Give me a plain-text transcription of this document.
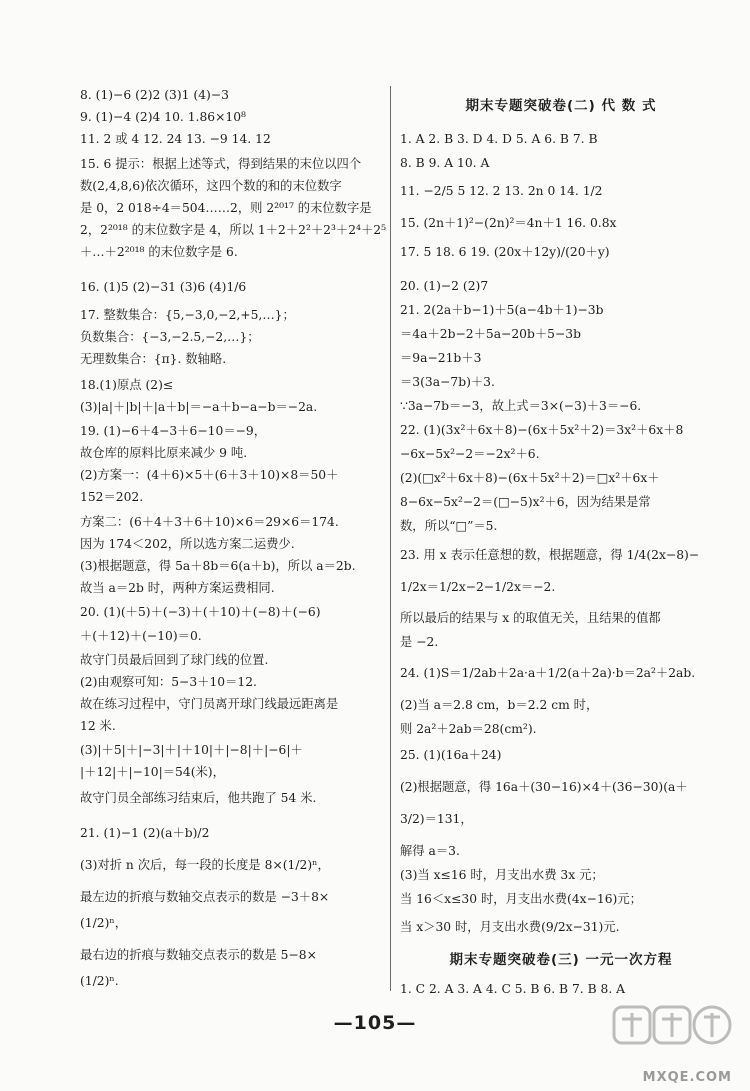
8. (1)−6 (2)2 (3)1 (4)−3
9. (1)−4 (2)4 10. 1.86×10⁸
11. 2 或 4 12. 24 13. −9 14. 12
15. 6 提示：根据上述等式，得到结果的末位以四个
数(2,4,8,6)依次循环，这四个数的和的末位数字
是 0，2 018÷4＝504……2，则 2²⁰¹⁷ 的末位数字是
2，2²⁰¹⁸ 的末位数字是 4，所以 1＋2＋2²＋2³＋2⁴＋2⁵
＋…＋2²⁰¹⁸ 的末位数字是 6.
16. (1)5 (2)−31 (3)6 (4)1/6
17. 整数集合：{5,−3,0,−2,+5,…}；
负数集合：{−3,−2.5,−2,…}；
无理数集合：{π}. 数轴略.
18.(1)原点 (2)≤
(3)|a|＋|b|＋|a＋b|＝−a＋b−a−b＝−2a.
19. (1)−6＋4−3＋6−10＝−9，
故仓库的原料比原来减少 9 吨.
(2)方案一：(4＋6)×5＋(6＋3＋10)×8＝50＋
152＝202.
方案二：(6＋4＋3＋6＋10)×6＝29×6＝174.
因为 174＜202，所以选方案二运费少.
(3)根据题意，得 5a＋8b＝6(a＋b)，所以 a＝2b.
故当 a＝2b 时，两种方案运费相同.
20. (1)(＋5)＋(−3)＋(＋10)＋(−8)＋(−6)
＋(＋12)＋(−10)＝0.
故守门员最后回到了球门线的位置.
(2)由观察可知：5−3＋10＝12.
故在练习过程中，守门员离开球门线最远距离是
12 米.
(3)|＋5|＋|−3|＋|＋10|＋|−8|＋|−6|＋
|＋12|＋|−10|＝54(米)，
故守门员全部练习结束后，他共跑了 54 米.
21. (1)−1 (2)(a＋b)/2
(3)对折 n 次后，每一段的长度是 8×(1/2)ⁿ，
最左边的折痕与数轴交点表示的数是 −3＋8×
(1/2)ⁿ，
最右边的折痕与数轴交点表示的数是 5−8×
(1/2)ⁿ.
期末专题突破卷(二) 代 数 式
1. A 2. B 3. D 4. D 5. A 6. B 7. B
8. B 9. A 10. A
11. −2/5 5 12. 2 13. 2n 0 14. 1/2
15. (2n＋1)²−(2n)²＝4n＋1 16. 0.8x
17. 5 18. 6 19. (20x＋12y)/(20＋y)
20. (1)−2 (2)7
21. 2(2a＋b−1)＋5(a−4b＋1)−3b
＝4a＋2b−2＋5a−20b＋5−3b
＝9a−21b＋3
＝3(3a−7b)＋3.
∵3a−7b＝−3，故上式＝3×(−3)＋3＝−6.
22. (1)(3x²＋6x＋8)−(6x＋5x²＋2)＝3x²＋6x＋8
−6x−5x²−2＝−2x²＋6.
(2)(□x²＋6x＋8)−(6x＋5x²＋2)＝□x²＋6x＋
8−6x−5x²−2＝(□−5)x²＋6，因为结果是常
数，所以“□”＝5.
23. 用 x 表示任意想的数，根据题意，得 1/4(2x−8)−
1/2x＝1/2x−2−1/2x＝−2.
所以最后的结果与 x 的取值无关，且结果的值都
是 −2.
24. (1)S＝1/2ab＋2a·a＋1/2(a＋2a)·b＝2a²＋2ab.
(2)当 a＝2.8 cm，b＝2.2 cm 时，
则 2a²＋2ab＝28(cm²).
25. (1)(16a＋24)
(2)根据题意，得 16a＋(30−16)×4＋(36−30)(a＋
3/2)＝131，
解得 a＝3.
(3)当 x≤16 时，月支出水费 3x 元；
当 16＜x≤30 时，月支出水费(4x−16)元；
当 x＞30 时，月支出水费(9/2x−31)元.
期末专题突破卷(三) 一元一次方程
1. C 2. A 3. A 4. C 5. B 6. B 7. B 8. A
—105—
MXQE.COM
